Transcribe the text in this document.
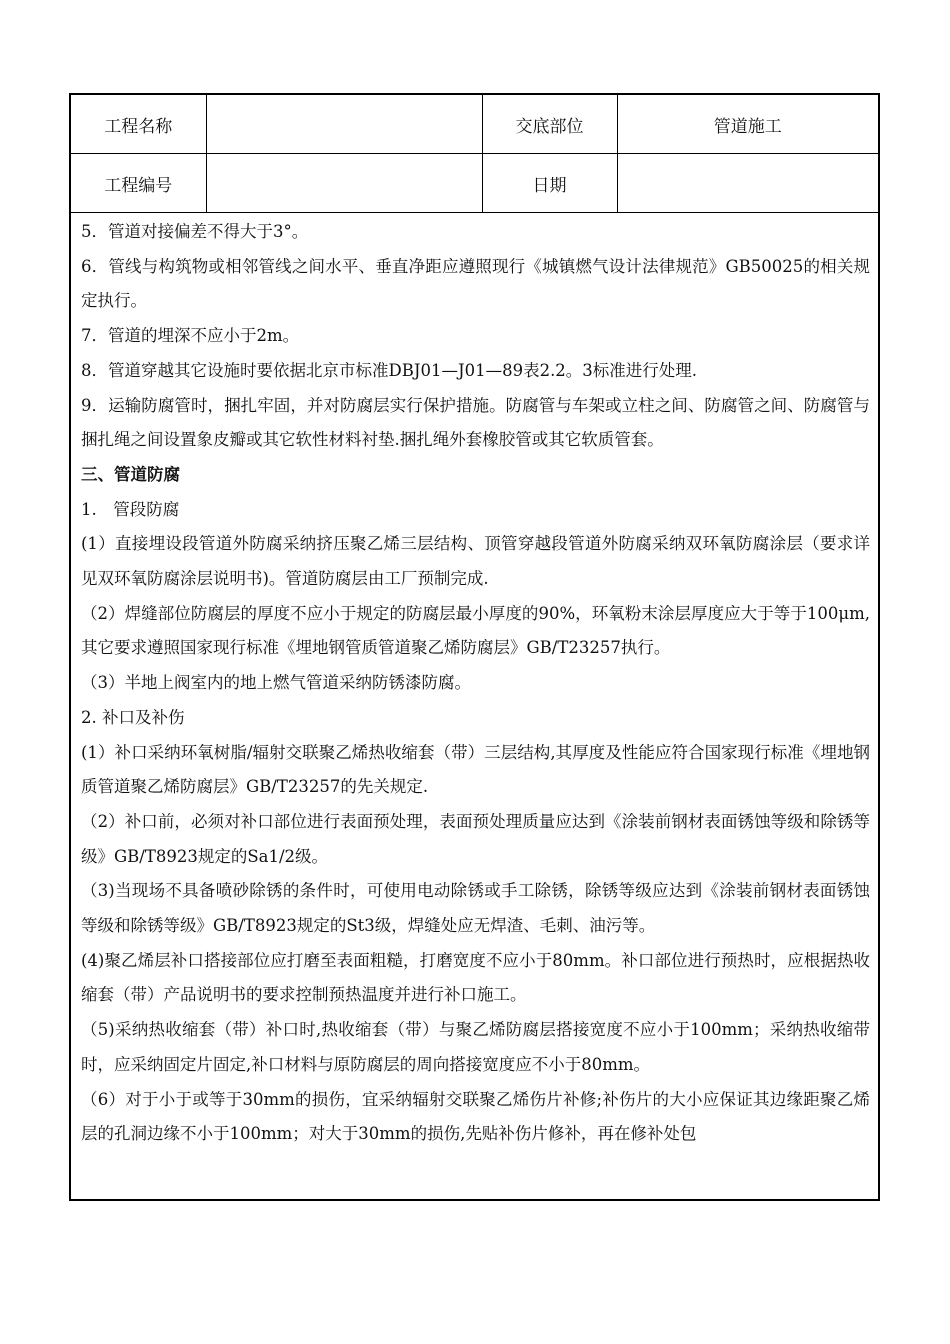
工程名称		交底部位	管道施工
工程编号		日期	

5．管道对接偏差不得大于3°。

6．管线与构筑物或相邻管线之间水平、垂直净距应遵照现行《城镇燃气设计法律规范》GB50025的相关规定执行。

7．管道的埋深不应小于2m。

8．管道穿越其它设施时要依据北京市标准DBJ01—J01—89表2.2。3标准进行处理.

9．运输防腐管时，捆扎牢固，并对防腐层实行保护措施。防腐管与车架或立柱之间、防腐管之间、防腐管与捆扎绳之间设置象皮瓣或其它软性材料衬垫.捆扎绳外套橡胶管或其它软质管套。

三、管道防腐

1.　管段防腐

(1）直接埋设段管道外防腐采纳挤压聚乙烯三层结构、顶管穿越段管道外防腐采纳双环氧防腐涂层（要求详见双环氧防腐涂层说明书)。管道防腐层由工厂预制完成.

（2）焊缝部位防腐层的厚度不应小于规定的防腐层最小厚度的90%，环氧粉末涂层厚度应大于等于100μm,其它要求遵照国家现行标准《埋地钢管质管道聚乙烯防腐层》GB/T23257执行。

（3）半地上阀室内的地上燃气管道采纳防锈漆防腐。

2. 补口及补伤

(1）补口采纳环氧树脂/辐射交联聚乙烯热收缩套（带）三层结构,其厚度及性能应符合国家现行标准《埋地钢质管道聚乙烯防腐层》GB/T23257的先关规定.

（2）补口前，必须对补口部位进行表面预处理，表面预处理质量应达到《涂装前钢材表面锈蚀等级和除锈等级》GB/T8923规定的Sa1/2级。

（3)当现场不具备喷砂除锈的条件时，可使用电动除锈或手工除锈，除锈等级应达到《涂装前钢材表面锈蚀等级和除锈等级》GB/T8923规定的St3级，焊缝处应无焊渣、毛刺、油污等。

(4)聚乙烯层补口搭接部位应打磨至表面粗糙，打磨宽度不应小于80mm。补口部位进行预热时，应根据热收缩套（带）产品说明书的要求控制预热温度并进行补口施工。

（5)采纳热收缩套（带）补口时,热收缩套（带）与聚乙烯防腐层搭接宽度不应小于100mm；采纳热收缩带时，应采纳固定片固定,补口材料与原防腐层的周向搭接宽度应不小于80mm。

（6）对于小于或等于30mm的损伤，宜采纳辐射交联聚乙烯伤片补修;补伤片的大小应保证其边缘距聚乙烯层的孔洞边缘不小于100mm；对大于30mm的损伤,先贴补伤片修补，再在修补处包
